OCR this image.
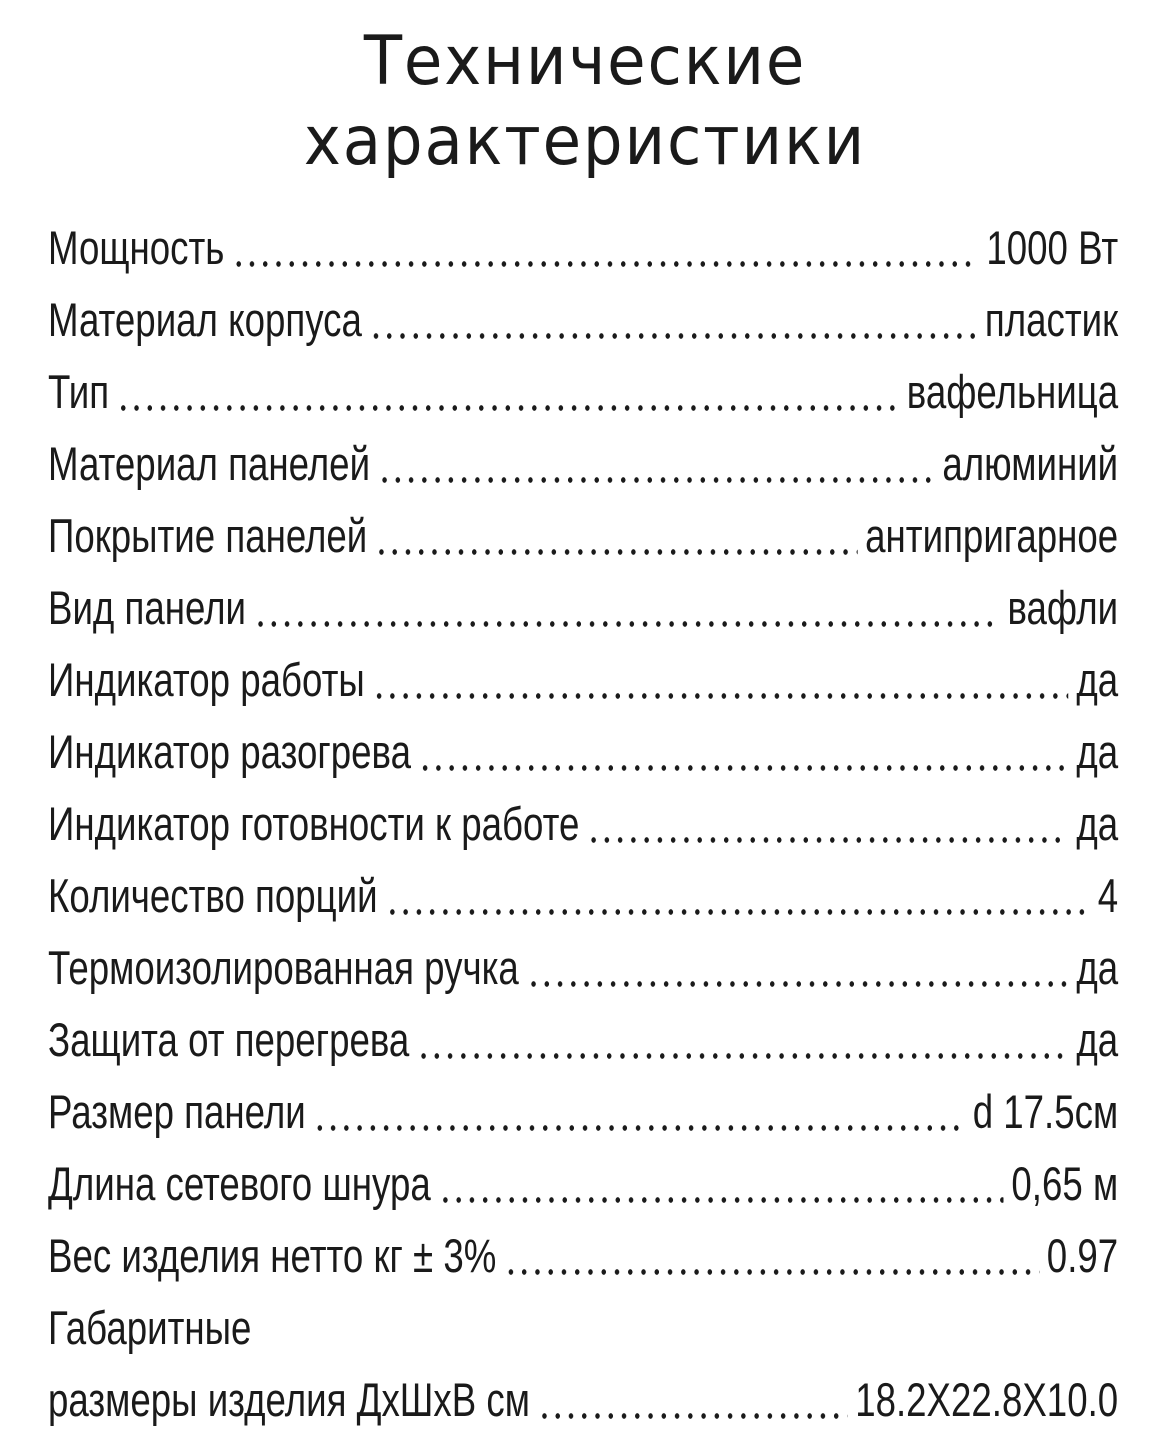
Технические
характеристики
Мощность	1000 Вт
Материал корпуса	пластик
Тип	вафельница
Материал панелей	алюминий
Покрытие панелей	антипригарное
Вид панели	вафли
Индикатор работы	да
Индикатор разогрева	да
Индикатор готовности к работе	да
Количество порций	4
Термоизолированная ручка	да
Защита от перегрева	да
Размер панели	d 17.5см
Длина сетевого шнура	0,65 м
Вес изделия нетто кг ± 3%	0.97
Габаритные
размеры изделия ДхШхВ см	18.2Х22.8Х10.0
